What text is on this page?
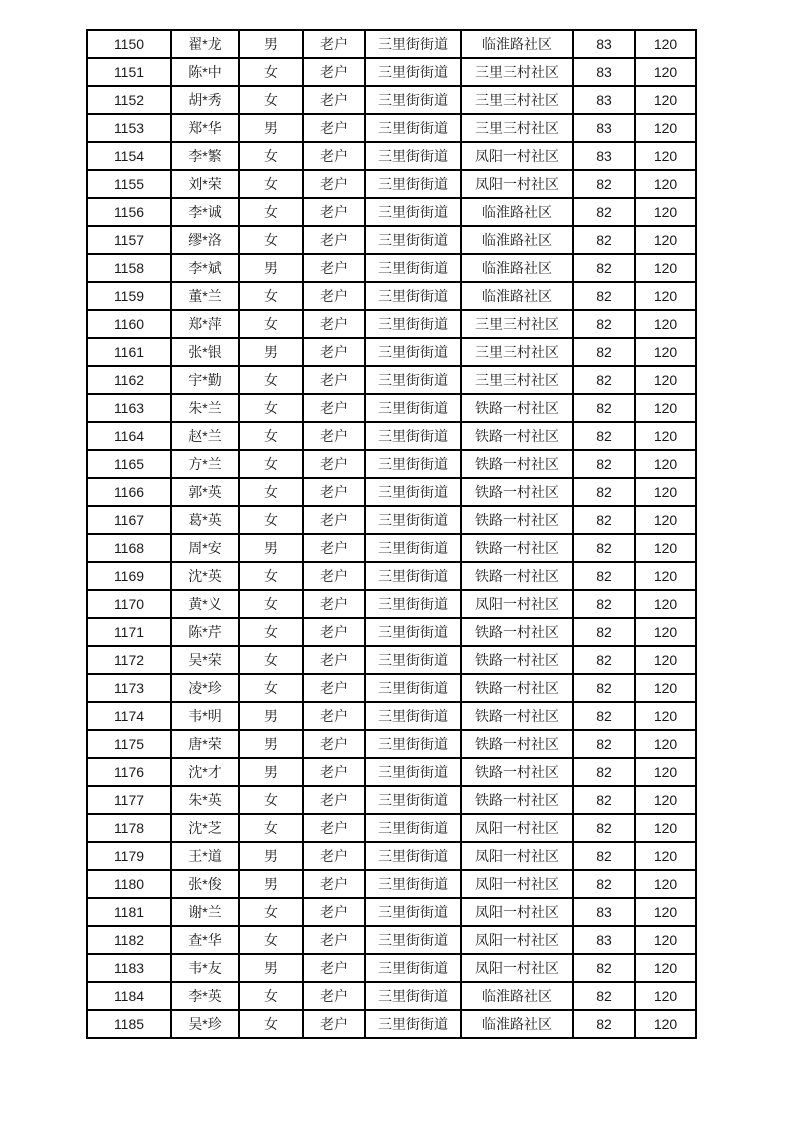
1150	翟*龙	男	老户	三里街街道	临淮路社区	83	120
1151	陈*中	女	老户	三里街街道	三里三村社区	83	120
1152	胡*秀	女	老户	三里街街道	三里三村社区	83	120
1153	郑*华	男	老户	三里街街道	三里三村社区	83	120
1154	李*繁	女	老户	三里街街道	凤阳一村社区	83	120
1155	刘*荣	女	老户	三里街街道	凤阳一村社区	82	120
1156	李*诚	女	老户	三里街街道	临淮路社区	82	120
1157	缪*洛	女	老户	三里街街道	临淮路社区	82	120
1158	李*斌	男	老户	三里街街道	临淮路社区	82	120
1159	董*兰	女	老户	三里街街道	临淮路社区	82	120
1160	郑*萍	女	老户	三里街街道	三里三村社区	82	120
1161	张*银	男	老户	三里街街道	三里三村社区	82	120
1162	宇*勤	女	老户	三里街街道	三里三村社区	82	120
1163	朱*兰	女	老户	三里街街道	铁路一村社区	82	120
1164	赵*兰	女	老户	三里街街道	铁路一村社区	82	120
1165	方*兰	女	老户	三里街街道	铁路一村社区	82	120
1166	郭*英	女	老户	三里街街道	铁路一村社区	82	120
1167	葛*英	女	老户	三里街街道	铁路一村社区	82	120
1168	周*安	男	老户	三里街街道	铁路一村社区	82	120
1169	沈*英	女	老户	三里街街道	铁路一村社区	82	120
1170	黄*义	女	老户	三里街街道	凤阳一村社区	82	120
1171	陈*芹	女	老户	三里街街道	铁路一村社区	82	120
1172	吴*荣	女	老户	三里街街道	铁路一村社区	82	120
1173	凌*珍	女	老户	三里街街道	铁路一村社区	82	120
1174	韦*明	男	老户	三里街街道	铁路一村社区	82	120
1175	唐*荣	男	老户	三里街街道	铁路一村社区	82	120
1176	沈*才	男	老户	三里街街道	铁路一村社区	82	120
1177	朱*英	女	老户	三里街街道	铁路一村社区	82	120
1178	沈*芝	女	老户	三里街街道	凤阳一村社区	82	120
1179	王*道	男	老户	三里街街道	凤阳一村社区	82	120
1180	张*俊	男	老户	三里街街道	凤阳一村社区	82	120
1181	谢*兰	女	老户	三里街街道	凤阳一村社区	83	120
1182	查*华	女	老户	三里街街道	凤阳一村社区	83	120
1183	韦*友	男	老户	三里街街道	凤阳一村社区	82	120
1184	李*英	女	老户	三里街街道	临淮路社区	82	120
1185	吴*珍	女	老户	三里街街道	临淮路社区	82	120
